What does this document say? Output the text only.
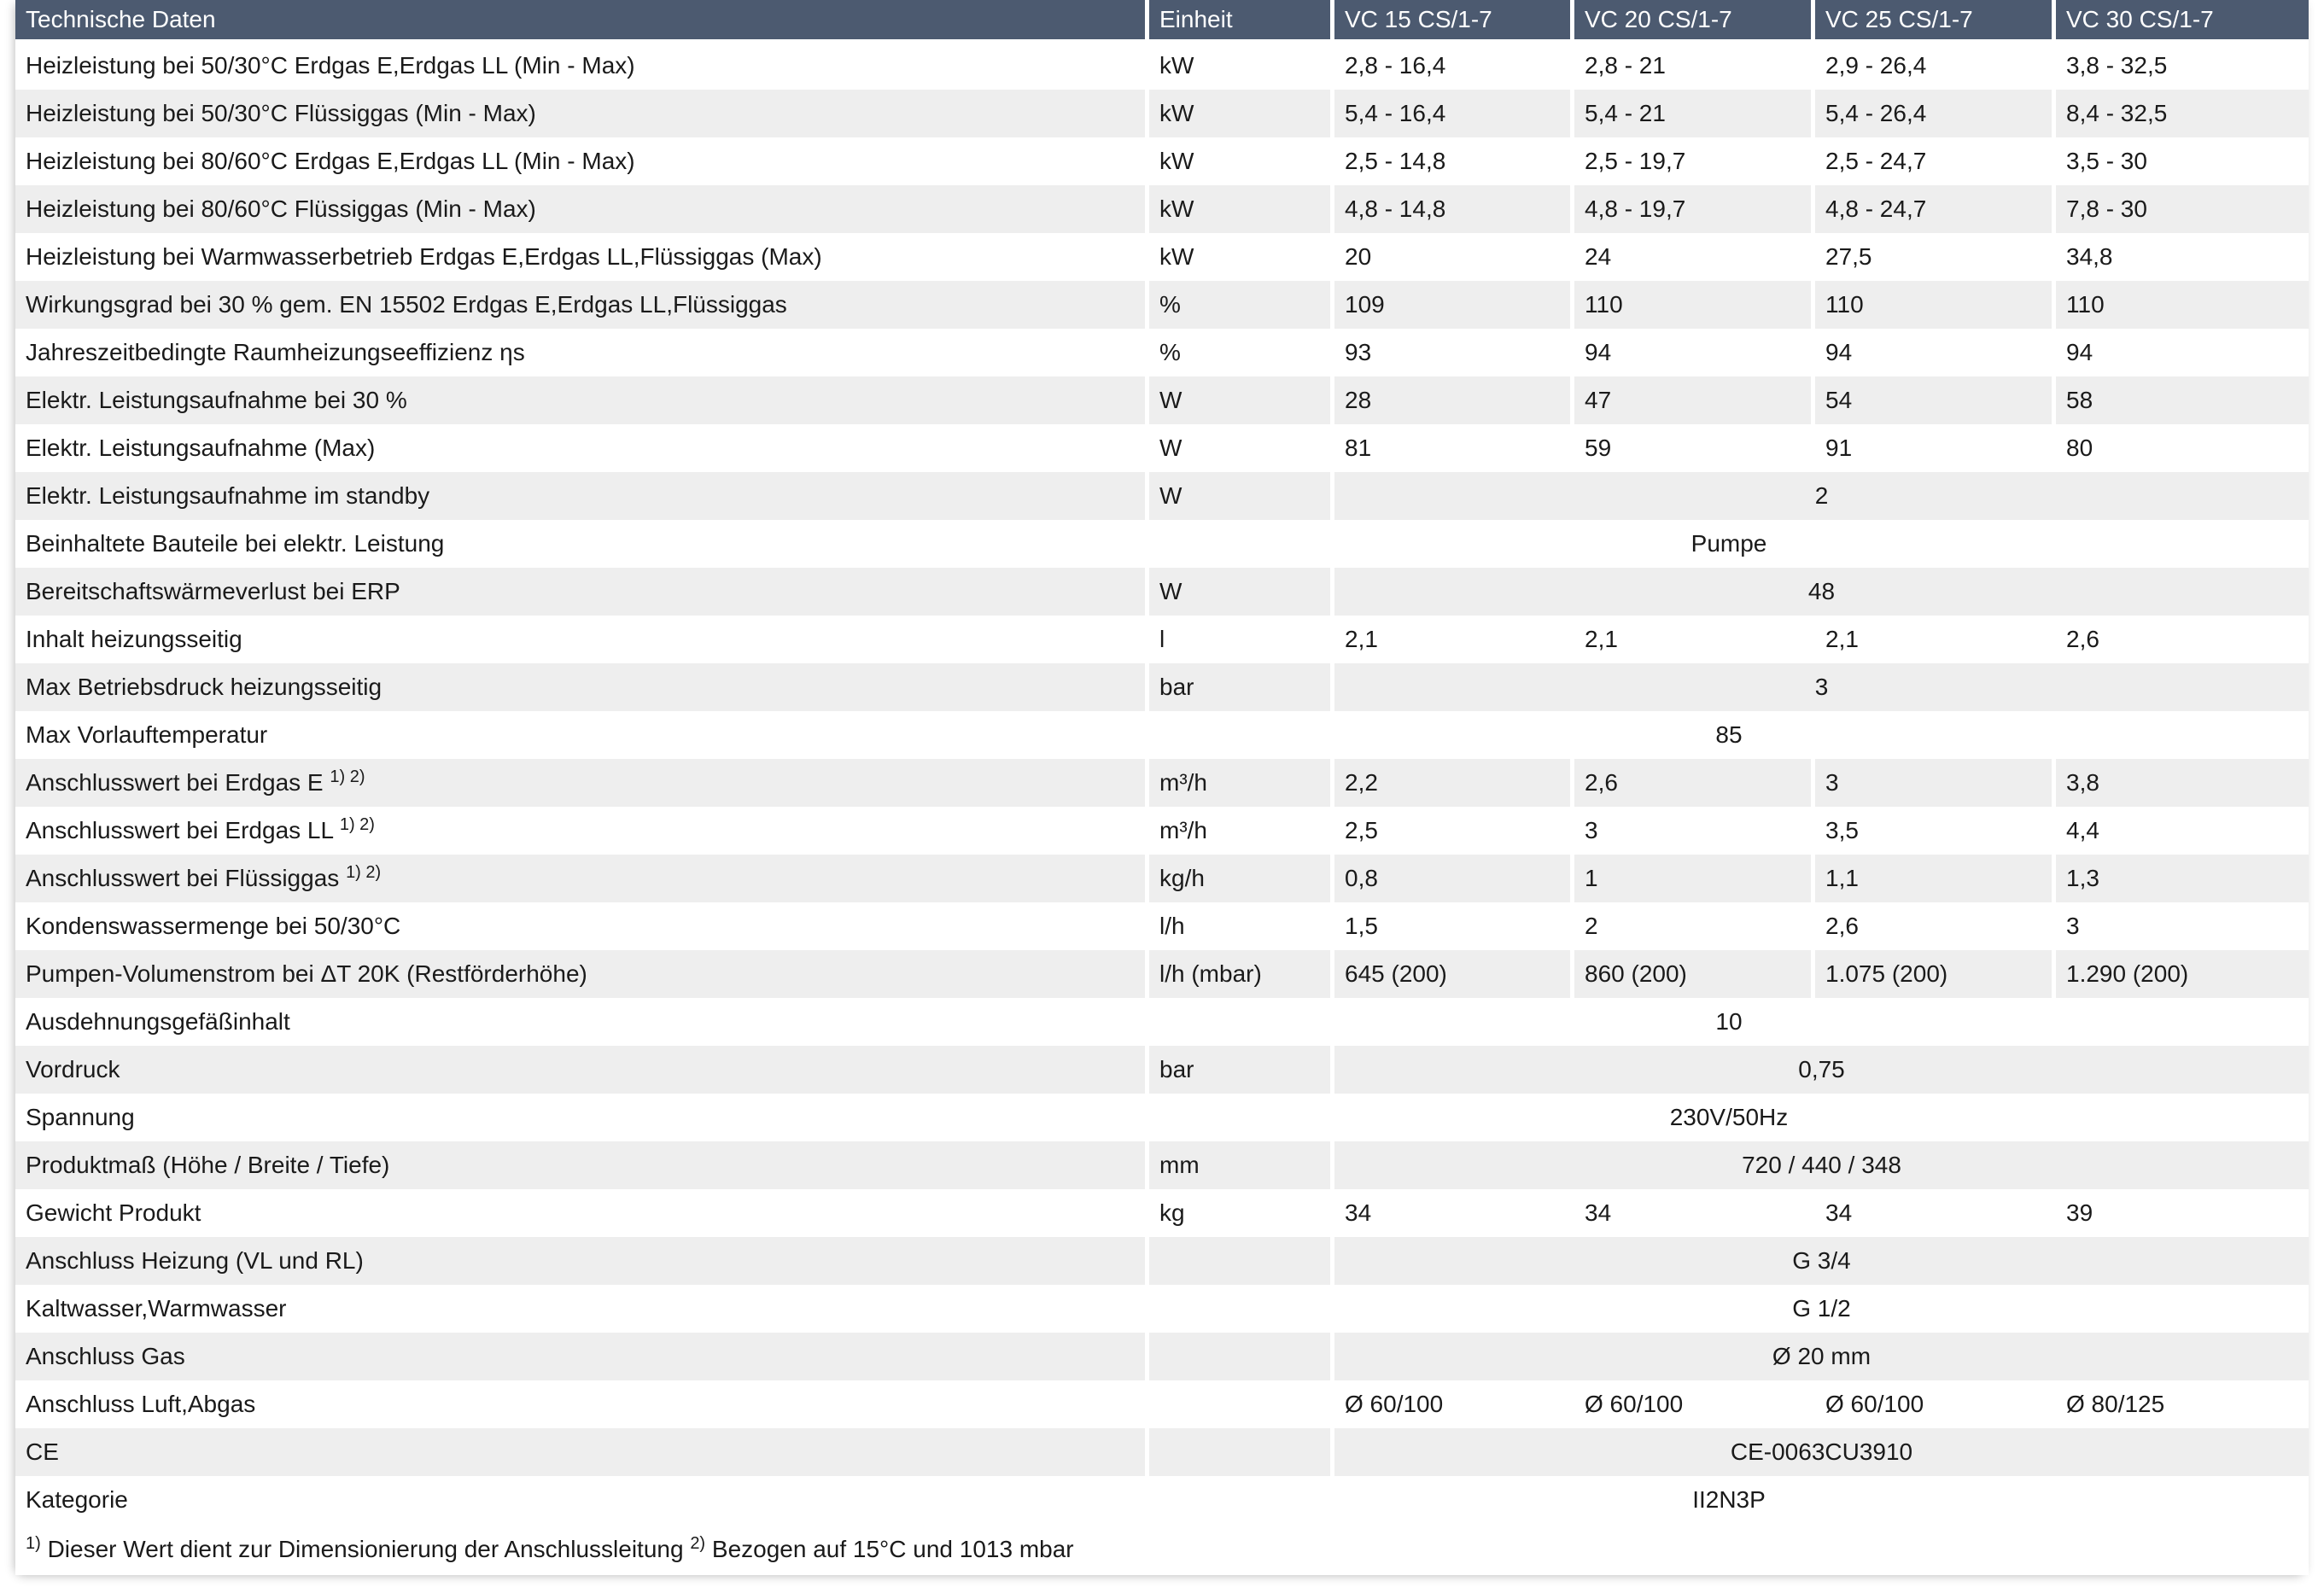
Technische Daten	Einheit	VC 15 CS/1-7	VC 20 CS/1-7	VC 25 CS/1-7	VC 30 CS/1-7
Heizleistung bei 50/30°C Erdgas E,Erdgas LL (Min - Max)	kW	2,8 - 16,4	2,8 - 21	2,9 - 26,4	3,8 - 32,5
Heizleistung bei 50/30°C Flüssiggas (Min - Max)	kW	5,4 - 16,4	5,4 - 21	5,4 - 26,4	8,4 - 32,5
Heizleistung bei 80/60°C Erdgas E,Erdgas LL (Min - Max)	kW	2,5 - 14,8	2,5 - 19,7	2,5 - 24,7	3,5 - 30
Heizleistung bei 80/60°C Flüssiggas (Min - Max)	kW	4,8 - 14,8	4,8 - 19,7	4,8 - 24,7	7,8 - 30
Heizleistung bei Warmwasserbetrieb Erdgas E,Erdgas LL,Flüssiggas (Max)	kW	20	24	27,5	34,8
Wirkungsgrad bei 30 % gem. EN 15502 Erdgas E,Erdgas LL,Flüssiggas	%	109	110	110	110
Jahreszeitbedingte Raumheizungseeffizienz ηs	%	93	94	94	94
Elektr. Leistungsaufnahme bei 30 %	W	28	47	54	58
Elektr. Leistungsaufnahme (Max)	W	81	59	91	80
Elektr. Leistungsaufnahme im standby	W	2			
Beinhaltete Bauteile bei elektr. Leistung	Pumpe				
Bereitschaftswärmeverlust bei ERP	W	48			
Inhalt heizungsseitig	l	2,1	2,1	2,1	2,6
Max Betriebsdruck heizungsseitig	bar	3			
Max Vorlauftemperatur	85				
Anschlusswert bei Erdgas E $^{1) 2)}$	m³/h	2,2	2,6	3	3,8
Anschlusswert bei Erdgas LL $^{1) 2)}$	m³/h	2,5	3	3,5	4,4
Anschlusswert bei Flüssiggas $^{1) 2)}$	kg/h	0,8	1	1,1	1,3
Kondenswassermenge bei 50/30°C	l/h	1,5	2	2,6	3
Pumpen-Volumenstrom bei ΔT 20K (Restförderhöhe)	l/h (mbar)	645 (200)	860 (200)	1.075 (200)	1.290 (200)
Ausdehnungsgefäßinhalt	10				
Vordruck	bar	0,75			
Spannung	230V/50Hz				
Produktmaß (Höhe / Breite / Tiefe)	mm	720 / 440 / 348			
Gewicht Produkt	kg	34	34	34	39
Anschluss Heizung (VL und RL)		G 3/4			
Kaltwasser,Warmwasser		G 1/2			
Anschluss Gas		Ø 20 mm			
Anschluss Luft,Abgas		Ø 60/100	Ø 60/100	Ø 60/100	Ø 80/125
CE		CE-0063CU3910			
Kategorie	II2N3P				
$^{1)}$ Dieser Wert dient zur Dimensionierung der Anschlussleitung $^{2)}$ Bezogen auf 15°C und 1013 mbar					
